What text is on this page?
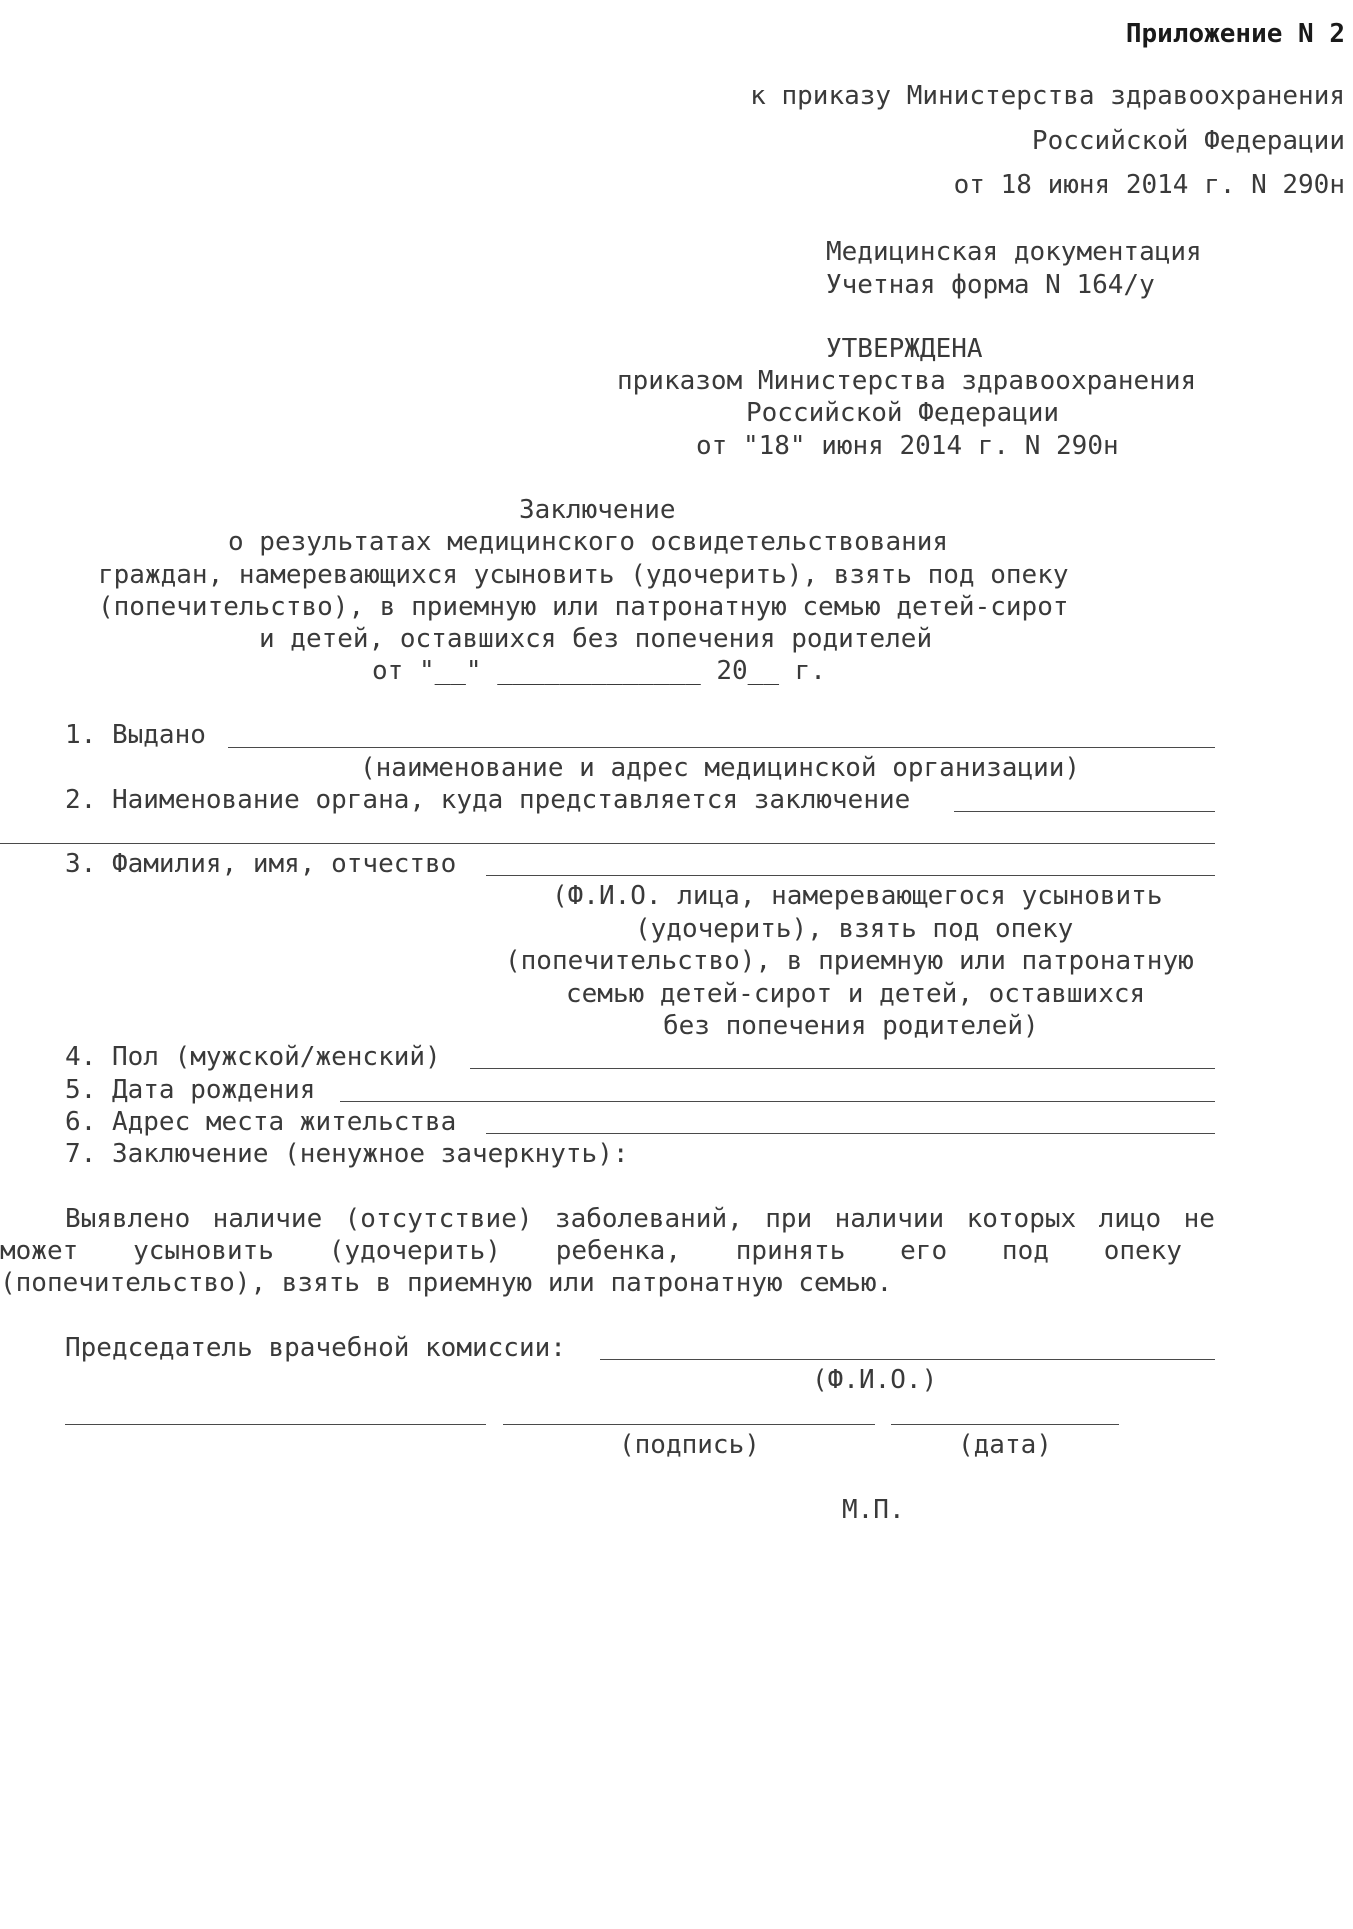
Приложение N 2
к приказу Министерства здравоохранения
Российской Федерации
от 18 июня 2014 г. N 290н
Медицинская документация
Учетная форма N 164/у
УТВЕРЖДЕНА
приказом Министерства здравоохранения
Российской Федерации
от "18" июня 2014 г. N 290н
Заключение
о результатах медицинского освидетельствования
граждан, намеревающихся усыновить (удочерить), взять под опеку
(попечительство), в приемную или патронатную семью детей-сирот
и детей, оставшихся без попечения родителей
от "__" _____________ 20__ г.
1. Выдано
(наименование и адрес медицинской организации)
2. Наименование органа, куда представляется заключение
3. Фамилия, имя, отчество
(Ф.И.О. лица, намеревающегося усыновить
(удочерить), взять под опеку
(попечительство), в приемную или патронатную
семью детей-сирот и детей, оставшихся
без попечения родителей)
4. Пол (мужской/женский)
5. Дата рождения
6. Адрес места жительства
7. Заключение (ненужное зачеркнуть):
Выявлено наличие (отсутствие) заболеваний, при наличии которых лицо не
может усыновить (удочерить) ребенка, принять его под опеку
(попечительство), взять в приемную или патронатную семью.
Председатель врачебной комиссии:
(Ф.И.О.)
(подпись)	(дата)
М.П.
